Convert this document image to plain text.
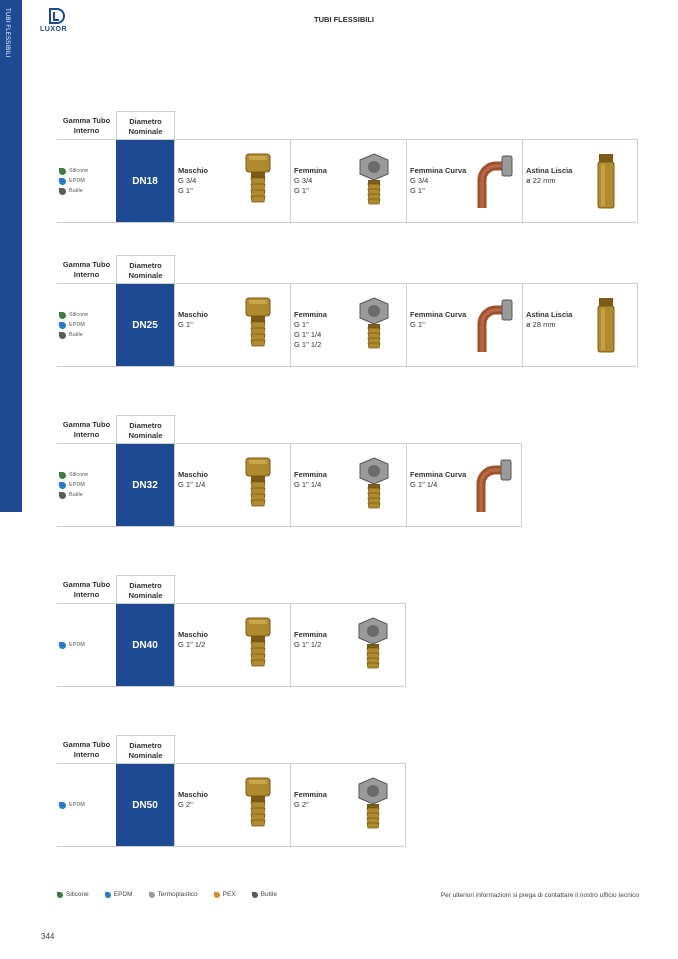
TUBI FLESSIBILI	LUXOR
TUBI FLESSIBILI
Gamma Tubo Interno
Diametro Nominale
Silicone
EPDM
Butile
DN18
Maschio
G 3/4
G 1"
Femmina
G 3/4
G 1"
Femmina Curva
G 3/4
G 1"
Astina Liscia
ø 22 mm
Gamma Tubo Interno
Diametro Nominale
Silicone
EPDM
Butile
DN25
Maschio
G 1"
Femmina
G 1"
G 1" 1/4
G 1" 1/2
Femmina Curva
G 1"
Astina Liscia
ø 28 mm
Gamma Tubo Interno
Diametro Nominale
Silicone
EPDM
Butile
DN32
Maschio
G 1" 1/4
Femmina
G 1" 1/4
Femmina Curva
G 1" 1/4
Gamma Tubo Interno
Diametro Nominale
EPDM	DN40
Maschio
G 1" 1/2
Femmina
G 1" 1/2
Gamma Tubo Interno
Diametro Nominale
EPDM	DN50
Maschio
G 2"
Femmina
G 2"
Silicone	EPDM	Termoplastico	PEX	Butile	Per ulteriori informazioni si prega di contattare il nostro ufficio tecnico
344
